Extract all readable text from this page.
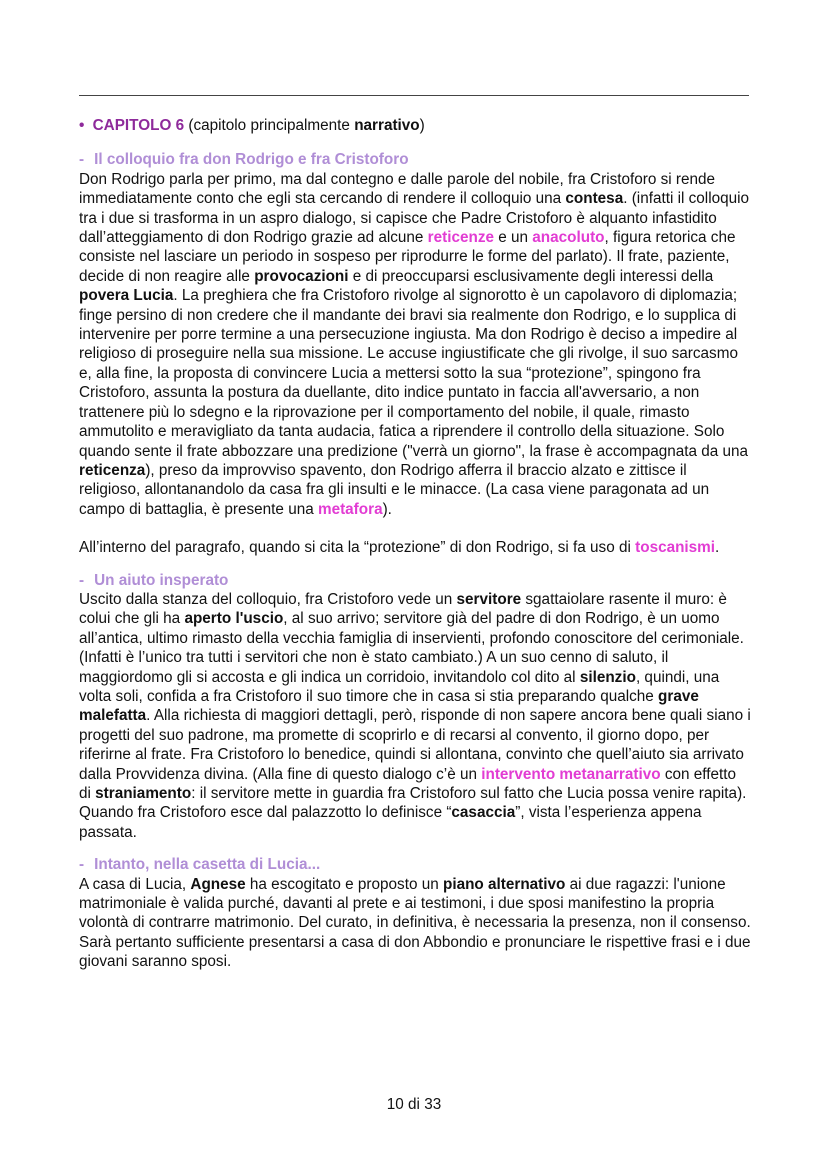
• CAPITOLO 6 (capitolo principalmente narrativo)

- Il colloquio fra don Rodrigo e fra Cristoforo

Don Rodrigo parla per primo, ma dal contegno e dalle parole del nobile, fra Cristoforo si rende immediatamente conto che egli sta cercando di rendere il colloquio una contesa. (infatti il colloquio tra i due si trasforma in un aspro dialogo, si capisce che Padre Cristoforo è alquanto infastidito dall’atteggiamento di don Rodrigo grazie ad alcune reticenze e un anacoluto, figura retorica che consiste nel lasciare un periodo in sospeso per riprodurre le forme del parlato). Il frate, paziente, decide di non reagire alle provocazioni e di preoccuparsi esclusivamente degli interessi della povera Lucia. La preghiera che fra Cristoforo rivolge al signorotto è un capolavoro di diplomazia; finge persino di non credere che il mandante dei bravi sia realmente don Rodrigo, e lo supplica di intervenire per porre termine a una persecuzione ingiusta. Ma don Rodrigo è deciso a impedire al religioso di proseguire nella sua missione. Le accuse ingiustificate che gli rivolge, il suo sarcasmo e, alla fine, la proposta di convincere Lucia a mettersi sotto la sua “protezione”, spingono fra Cristoforo, assunta la postura da duellante, dito indice puntato in faccia all'avversario, a non trattenere più lo sdegno e la riprovazione per il comportamento del nobile, il quale, rimasto ammutolito e meravigliato da tanta audacia, fatica a riprendere il controllo della situazione. Solo quando sente il frate abbozzare una predizione ("verrà un giorno", la frase è accompagnata da una reticenza), preso da improvviso spavento, don Rodrigo afferra il braccio alzato e zittisce il religioso, allontanandolo da casa fra gli insulti e le minacce. (La casa viene paragonata ad un campo di battaglia, è presente una metafora).

All’interno del paragrafo, quando si cita la “protezione” di don Rodrigo, si fa uso di toscanismi.

- Un aiuto insperato

Uscito dalla stanza del colloquio, fra Cristoforo vede un servitore sgattaiolare rasente il muro: è colui che gli ha aperto l'uscio, al suo arrivo; servitore già del padre di don Rodrigo, è un uomo all’antica, ultimo rimasto della vecchia famiglia di inservienti, profondo conoscitore del cerimoniale. (Infatti è l’unico tra tutti i servitori che non è stato cambiato.) A un suo cenno di saluto, il maggiordomo gli si accosta e gli indica un corridoio, invitandolo col dito al silenzio, quindi, una volta soli, confida a fra Cristoforo il suo timore che in casa si stia preparando qualche grave malefatta. Alla richiesta di maggiori dettagli, però, risponde di non sapere ancora bene quali siano i progetti del suo padrone, ma promette di scoprirlo e di recarsi al convento, il giorno dopo, per riferirne al frate. Fra Cristoforo lo benedice, quindi si allontana, convinto che quell’aiuto sia arrivato dalla Provvidenza divina. (Alla fine di questo dialogo c’è un intervento metanarrativo con effetto di straniamento: il servitore mette in guardia fra Cristoforo sul fatto che Lucia possa venire rapita). Quando fra Cristoforo esce dal palazzotto lo definisce “casaccia”, vista l’esperienza appena passata.

- Intanto, nella casetta di Lucia...

A casa di Lucia, Agnese ha escogitato e proposto un piano alternativo ai due ragazzi: l'unione matrimoniale è valida purché, davanti al prete e ai testimoni, i due sposi manifestino la propria volontà di contrarre matrimonio. Del curato, in definitiva, è necessaria la presenza, non il consenso. Sarà pertanto sufficiente presentarsi a casa di don Abbondio e pronunciare le rispettive frasi e i due giovani saranno sposi.

10 di 33
